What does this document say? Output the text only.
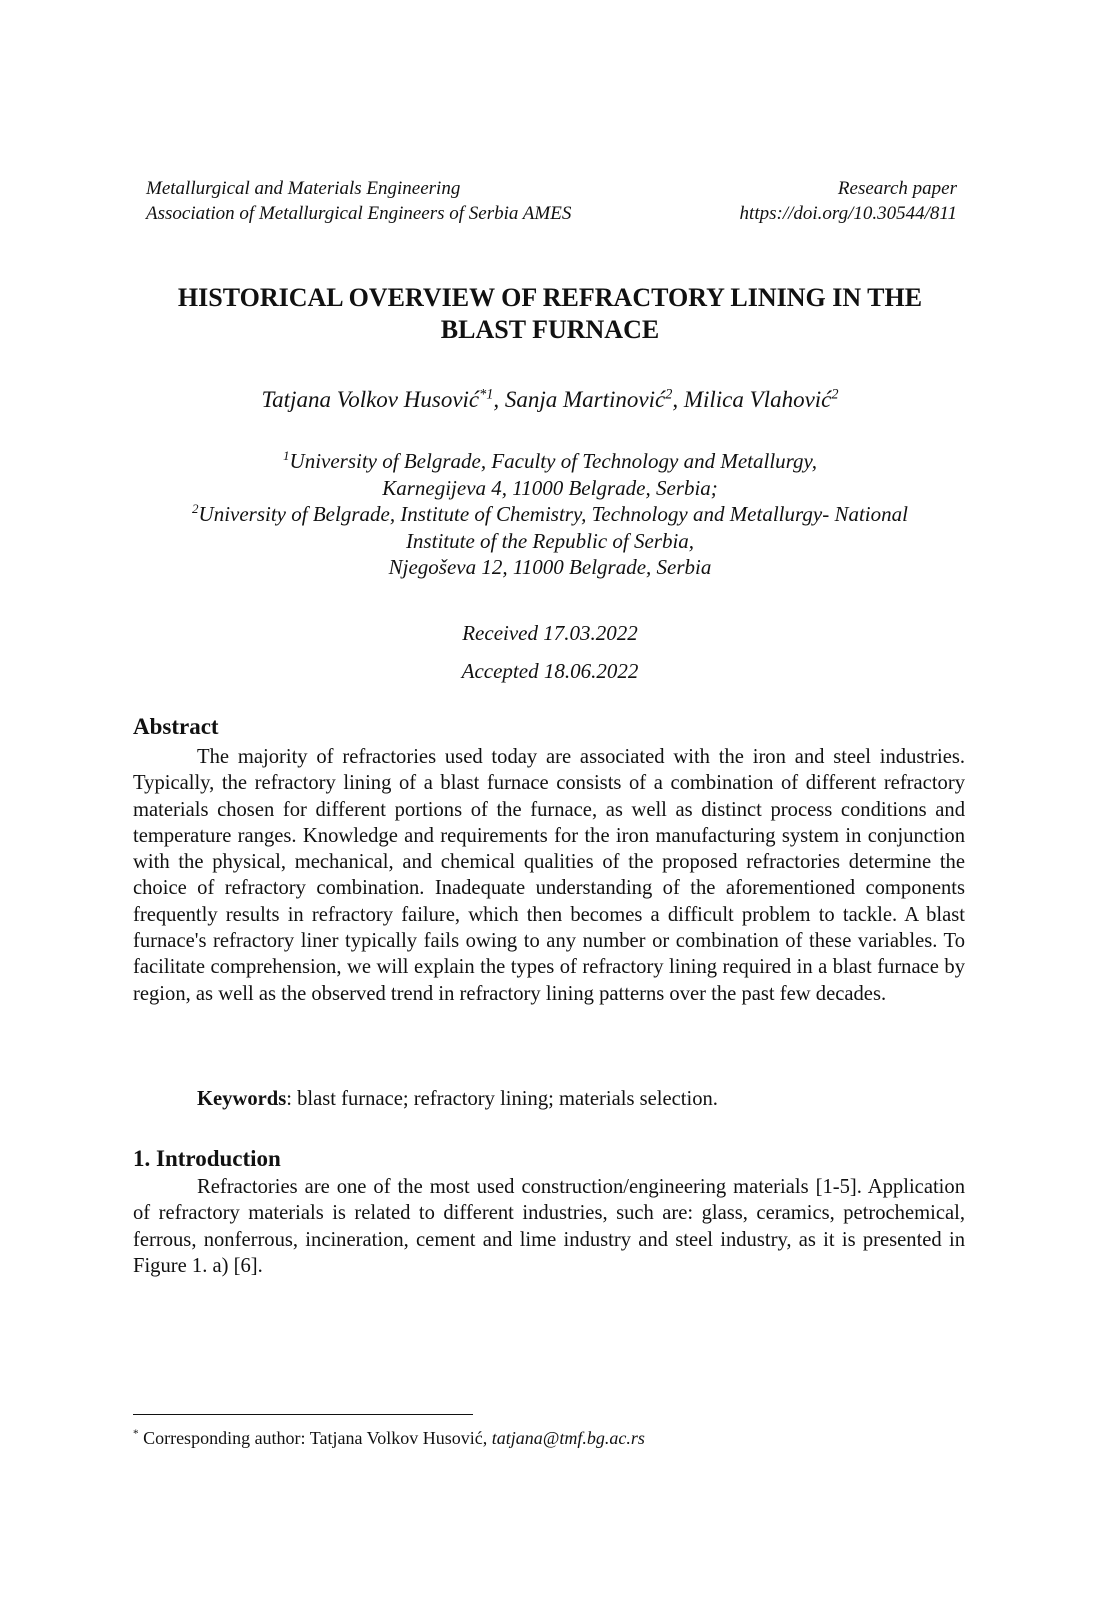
Metallurgical and Materials Engineering
Association of Metallurgical Engineers of Serbia AMES
Research paper
https://doi.org/10.30544/811
HISTORICAL OVERVIEW OF REFRACTORY LINING IN THE
BLAST FURNACE
Tatjana Volkov Husović$^{*1}$, Sanja Martinović$^2$, Milica Vlahović$^2$
$^1$University of Belgrade, Faculty of Technology and Metallurgy,
Karnegijeva 4, 11000 Belgrade, Serbia;
$^2$University of Belgrade, Institute of Chemistry, Technology and Metallurgy- National
Institute of the Republic of Serbia,
Njegoševa 12, 11000 Belgrade, Serbia
Received 17.03.2022
Accepted 18.06.2022
Abstract
The majority of refractories used today are associated with the iron and steel industries. Typically, the refractory lining of a blast furnace consists of a combination of different refractory materials chosen for different portions of the furnace, as well as distinct process conditions and temperature ranges. Knowledge and requirements for the iron manufacturing system in conjunction with the physical, mechanical, and chemical qualities of the proposed refractories determine the choice of refractory combination. Inadequate understanding of the aforementioned components frequently results in refractory failure, which then becomes a difficult problem to tackle. A blast furnace's refractory liner typically fails owing to any number or combination of these variables. To facilitate comprehension, we will explain the types of refractory lining required in a blast furnace by region, as well as the observed trend in refractory lining patterns over the past few decades.
Keywords: blast furnace; refractory lining; materials selection.
1. Introduction
Refractories are one of the most used construction/engineering materials [1-5]. Application of refractory materials is related to different industries, such are: glass, ceramics, petrochemical, ferrous, nonferrous, incineration, cement and lime industry and steel industry, as it is presented in Figure 1. a) [6].
* Corresponding author: Tatjana Volkov Husović, tatjana@tmf.bg.ac.rs
